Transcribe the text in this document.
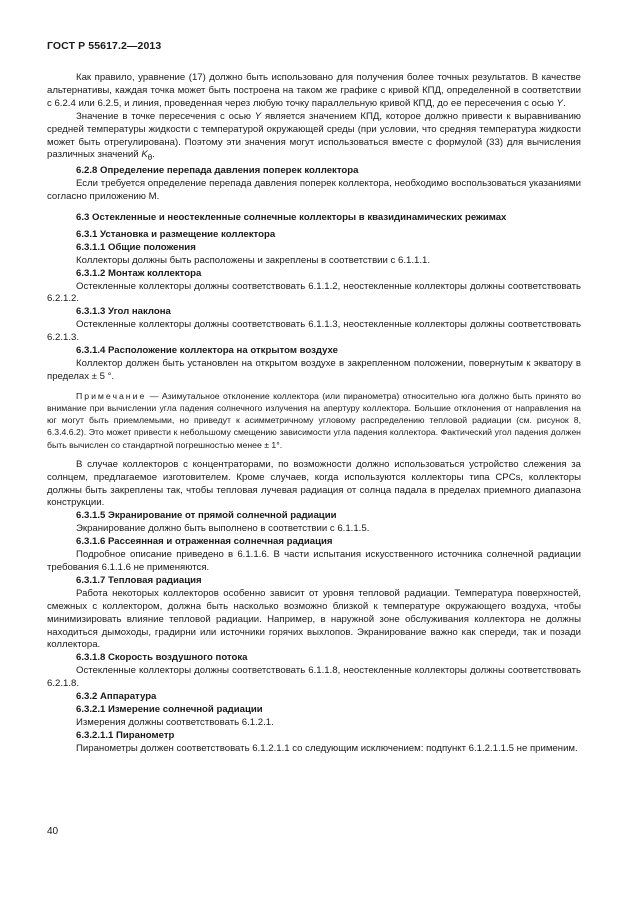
ГОСТ Р 55617.2—2013

Как правило, уравнение (17) должно быть использовано для получения более точных результатов. В качестве альтернативы, каждая точка может быть построена на таком же графике с кривой КПД, определенной в соответствии с 6.2.4 или 6.2.5, и линия, проведенная через любую точку параллельную кривой КПД, до ее пересечения с осью Y.

Значение в точке пересечения с осью Y является значением КПД, которое должно привести к выравниванию средней температуры жидкости с температурой окружающей среды (при условии, что средняя температура жидкости может быть отрегулирована). Поэтому эти значения могут использоваться вместе с формулой (33) для вычисления различных значений $K_\theta$.

6.2.8 Определение перепада давления поперек коллектора

Если требуется определение перепада давления поперек коллектора, необходимо воспользоваться указаниями согласно приложению М.

6.3 Остекленные и неостекленные солнечные коллекторы в квазидинамических режимах

6.3.1 Установка и размещение коллектора

6.3.1.1 Общие положения

Коллекторы должны быть расположены и закреплены в соответствии с 6.1.1.1.

6.3.1.2 Монтаж коллектора

Остекленные коллекторы должны соответствовать 6.1.1.2, неостекленные коллекторы должны соответствовать 6.2.1.2.

6.3.1.3 Угол наклона

Остекленные коллекторы должны соответствовать 6.1.1.3, неостекленные коллекторы должны соответствовать 6.2.1.3.

6.3.1.4 Расположение коллектора на открытом воздухе

Коллектор должен быть установлен на открытом воздухе в закрепленном положении, повернутым к экватору в пределах ± 5 °.

Примечание — Азимутальное отклонение коллектора (или пиранометра) относительно юга должно быть принято во внимание при вычислении угла падения солнечного излучения на апертуру коллектора. Большие отклонения от направления на юг могут быть приемлемыми, но приведут к асимметричному угловому распределению тепловой радиации (см. рисунок 8, 6.3.4.6.2). Это может привести к небольшому смещению зависимости угла падения коллектора. Фактический угол падения должен быть вычислен со стандартной погрешностью менее ± 1°.

В случае коллекторов с концентраторами, по возможности должно использоваться устройство слежения за солнцем, предлагаемое изготовителем. Кроме случаев, когда используются коллекторы типа CPCs, коллекторы должны быть закреплены так, чтобы тепловая лучевая радиация от солнца падала в пределах приемного диапазона конструкции.

6.3.1.5 Экранирование от прямой солнечной радиации

Экранирование должно быть выполнено в соответствии с 6.1.1.5.

6.3.1.6 Рассеянная и отраженная солнечная радиация

Подробное описание приведено в 6.1.1.6. В части испытания искусственного источника солнечной радиации требования 6.1.1.6 не применяются.

6.3.1.7 Тепловая радиация

Работа некоторых коллекторов особенно зависит от уровня тепловой радиации. Температура поверхностей, смежных с коллектором, должна быть насколько возможно близкой к температуре окружающего воздуха, чтобы минимизировать влияние тепловой радиации. Например, в наружной зоне обслуживания коллектора не должны находиться дымоходы, градирни или источники горячих выхлопов. Экранирование важно как спереди, так и позади коллектора.

6.3.1.8 Скорость воздушного потока

Остекленные коллекторы должны соответствовать 6.1.1.8, неостекленные коллекторы должны соответствовать 6.2.1.8.

6.3.2 Аппаратура

6.3.2.1 Измерение солнечной радиации

Измерения должны соответствовать 6.1.2.1.

6.3.2.1.1 Пиранометр

Пиранометры должен соответствовать 6.1.2.1.1 со следующим исключением: подпункт 6.1.2.1.1.5 не применим.

40
